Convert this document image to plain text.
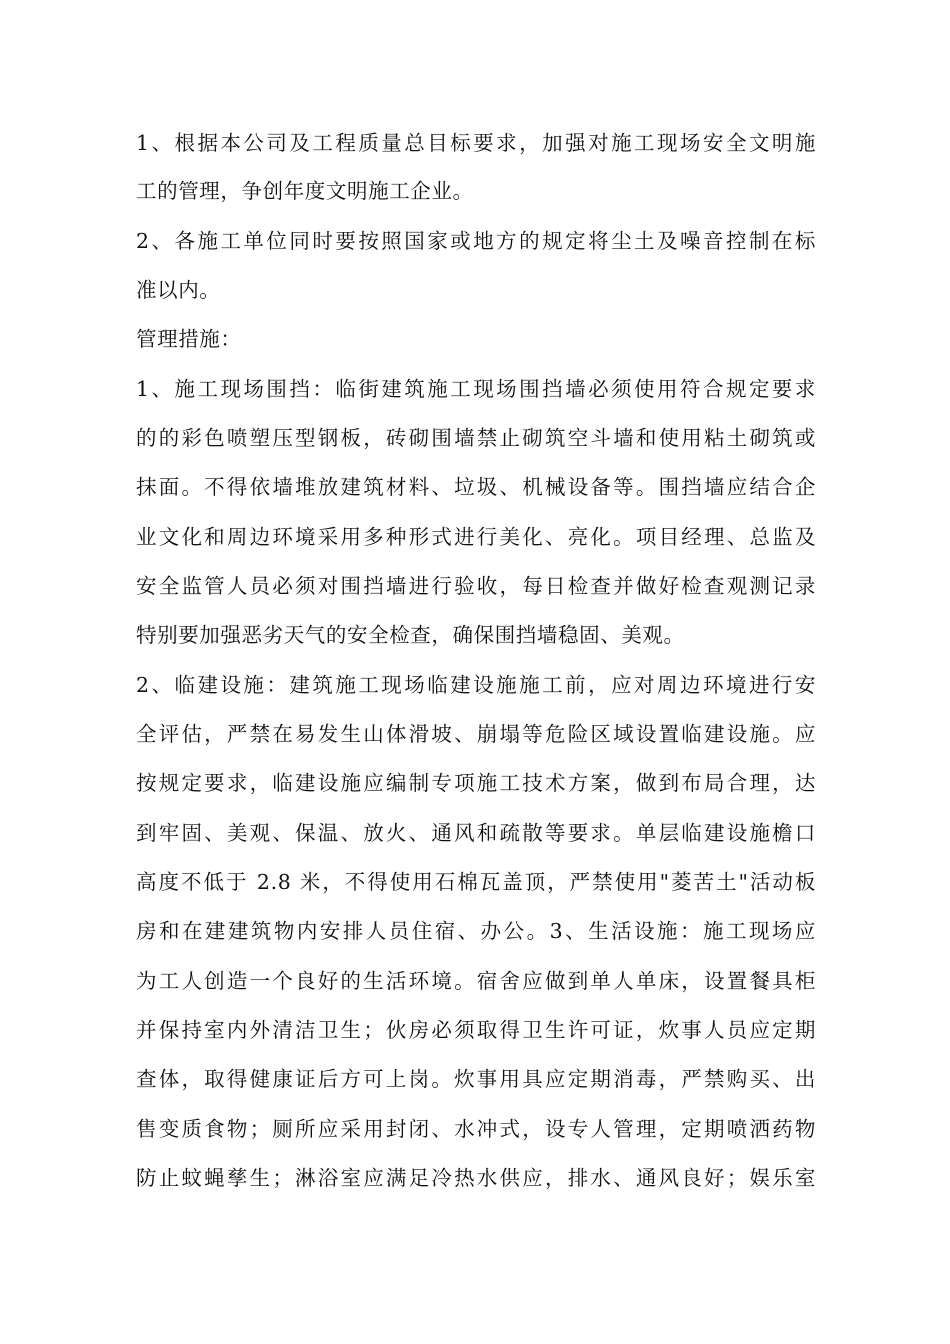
1、根据本公司及工程质量总目标要求，加强对施工现场安全文明施
工的管理，争创年度文明施工企业。
2、各施工单位同时要按照国家或地方的规定将尘土及噪音控制在标
准以内。
管理措施：
1、施工现场围挡：临街建筑施工现场围挡墙必须使用符合规定要求
的的彩色喷塑压型钢板，砖砌围墙禁止砌筑空斗墙和使用粘土砌筑或
抹面。不得依墙堆放建筑材料、垃圾、机械设备等。围挡墙应结合企
业文化和周边环境采用多种形式进行美化、亮化。项目经理、总监及
安全监管人员必须对围挡墙进行验收，每日检查并做好检查观测记录
特别要加强恶劣天气的安全检查，确保围挡墙稳固、美观。
2、临建设施：建筑施工现场临建设施施工前，应对周边环境进行安
全评估，严禁在易发生山体滑坡、崩塌等危险区域设置临建设施。应
按规定要求，临建设施应编制专项施工技术方案，做到布局合理，达
到牢固、美观、保温、放火、通风和疏散等要求。单层临建设施檐口
高度不低于 2.8 米，不得使用石棉瓦盖顶，严禁使用"菱苦土"活动板
房和在建建筑物内安排人员住宿、办公。3、生活设施：施工现场应
为工人创造一个良好的生活环境。宿舍应做到单人单床，设置餐具柜
并保持室内外清洁卫生；伙房必须取得卫生许可证，炊事人员应定期
查体，取得健康证后方可上岗。炊事用具应定期消毒，严禁购买、出
售变质食物；厕所应采用封闭、水冲式，设专人管理，定期喷洒药物
防止蚊蝇孳生；淋浴室应满足冷热水供应，排水、通风良好；娱乐室
